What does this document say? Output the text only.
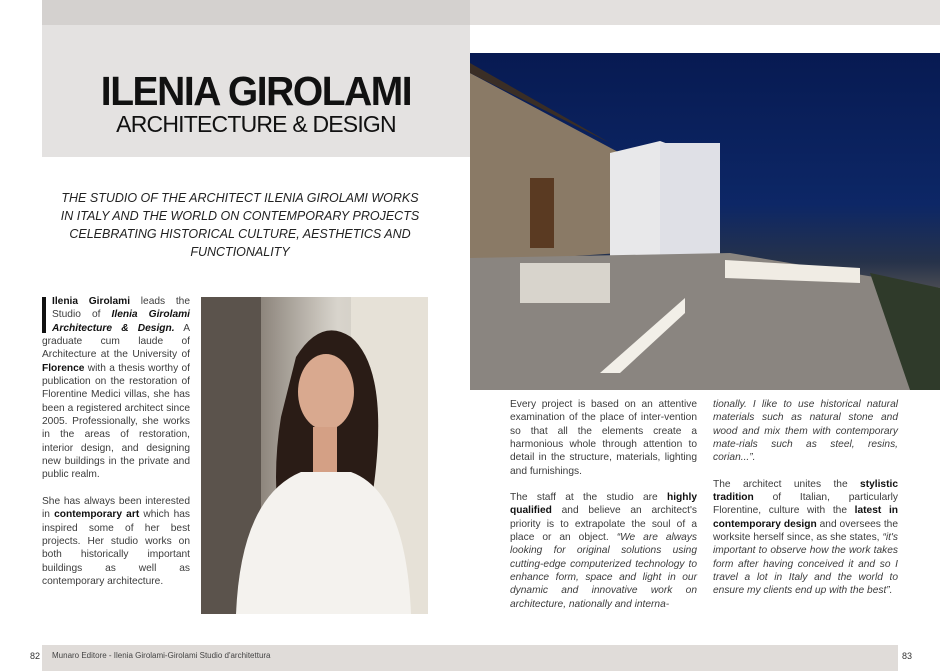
ILENIA GIROLAMI
ARCHITECTURE & DESIGN
THE STUDIO OF THE ARCHITECT ILENIA GIROLAMI WORKS IN ITALY AND THE WORLD ON CONTEMPORARY PROJECTS CELEBRATING HISTORICAL CULTURE, AESTHETICS AND FUNCTIONALITY

Ilenia Girolami leads the Studio of Ilenia Girolami Architecture & Design. A graduate cum laude of Architecture at the University of Florence with a thesis worthy of publication on the restoration of Florentine Medici villas, she has been a registered architect since 2005. Professionally, she works in the areas of restoration, interior design, and designing new buildings in the private and public realm.

She has always been interested in contemporary art which has inspired some of her best projects. Her studio works on both historically important buildings as well as contemporary architecture.

Every project is based on an attentive examination of the place of inter-vention so that all the elements create a harmonious whole through attention to detail in the structure, materials, lighting and furnishings.

The staff at the studio are highly qualified and believe an architect's priority is to extrapolate the soul of a place or an object. “We are always looking for original solutions using cutting-edge computerized technology to enhance form, space and light in our dynamic and innovative work on architecture, nationally and interna-

tionally. I like to use historical natural materials such as natural stone and wood and mix them with contemporary mate-rials such as steel, resins, corian...”.

The architect unites the stylistic tradition of Italian, particularly Florentine, culture with the latest in contemporary design and oversees the worksite herself since, as she states, “it's important to observe how the work takes form after having conceived it and so I travel a lot in Italy and the world to ensure my clients end up with the best”.

82 Munaro Editore - Ilenia Girolami-Girolami Studio d'architettura	83
